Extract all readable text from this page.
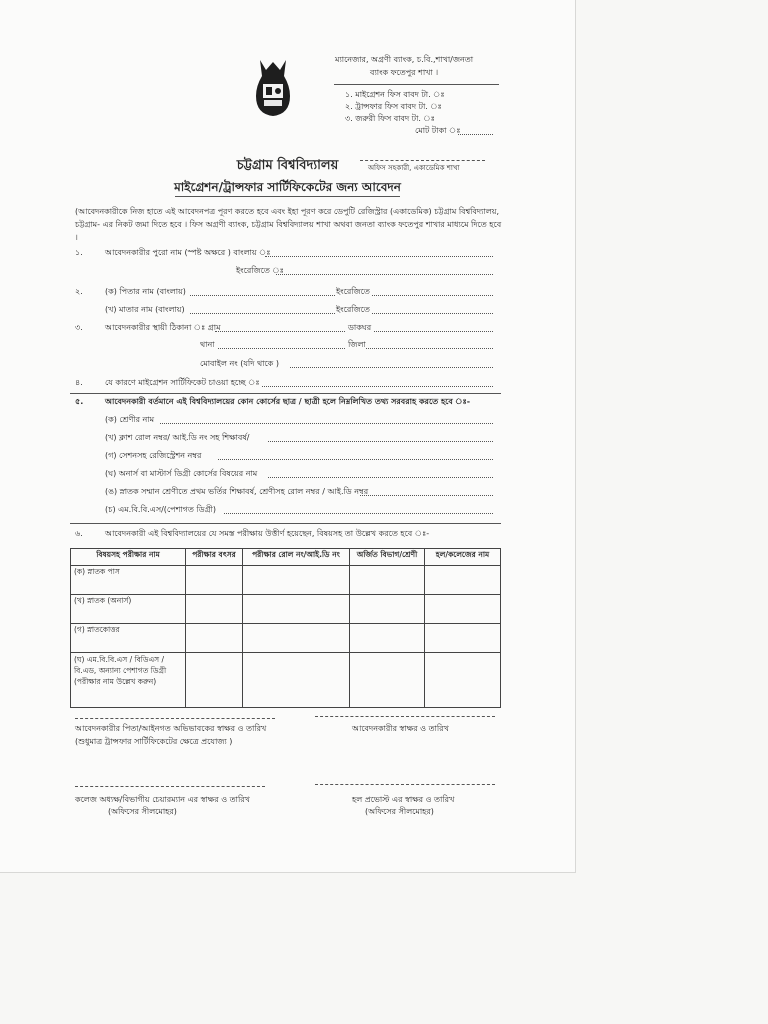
ম্যানেজার, অগ্রণী ব্যাংক, চ.বি.,শাখা/জনতা
ব্যাংক ফতেপুর শাখা ।
১. মাইগ্রেশন ফিস বাবদ টা. ঃ
২. ট্রান্সফার ফিস বাবদ টা. ঃ
৩. জরুরী ফিস বাবদ টা. ঃ
মোট টাকা ঃ
অফিস সহকারী, একাডেমিক শাখা
চট্টগ্রাম বিশ্ববিদ্যালয়
মাইগ্রেশন/ট্রান্সফার সার্টিফিকেটের জন্য আবেদন
(আবেদনকারীকে নিজ হাতে এই আবেদনপত্র পূরণ করতে হবে এবং ইহা পূরণ করে ডেপুটি রেজিস্ট্রার (একাডেমিক) চট্টগ্রাম বিশ্ববিদ্যালয়, চট্টগ্রাম- এর নিকট জমা দিতে হবে । ফিস অগ্রণী ব্যাংক, চট্টগ্রাম বিশ্ববিদ্যালয় শাখা অথবা জনতা ব্যাংক ফতেপুর শাখার মাধ্যমে দিতে হবে ।
১.	আবেদনকারীর পুরো নাম (স্পষ্ট অক্ষরে ) বাংলায় ঃ
ইংরেজিতে ঃ
২.	(ক) পিতার নাম (বাংলায়)	ইংরেজিতে
(খ) মাতার নাম (বাংলায়)	ইংরেজিতে
৩.	আবেদনকারীর স্থায়ী ঠিকানা ঃ গ্রাম	ডাকঘর
থানা	জিলা
মোবাইল নং (যদি থাকে )
৪.	যে কারণে মাইগ্রেশন সার্টিফিকেট চাওয়া হচ্ছে ঃ
৫.	আবেদনকারী বর্তমানে এই বিশ্ববিদ্যালয়ের কোন কোর্সের ছাত্র / ছাত্রী হলে নিম্নলিখিত তথ্য সরবরাহ করতে হবে ঃ-
(ক) শ্রেণীর নাম
(খ) ক্লাশ রোল নম্বর/ আই.ডি নং সহ শিক্ষাবর্ষ/
(গ) সেশনসহ রেজিস্ট্রেশন নম্বর
(ঘ) অনার্স বা মাস্টার্স ডিগ্রী কোর্সের বিষয়ের নাম
(ঙ) স্নাতক সম্মান শ্রেণীতে প্রথম ভর্তির শিক্ষাবর্ষ, শ্রেণীসহ রোল নম্বর / আই.ডি নম্বর
(চ) এম.বি.বি.এস/(পেশাগত ডিগ্রী)
৬.	আবেদনকারী এই বিশ্ববিদ্যালয়ের যে সমস্ত পরীক্ষায় উত্তীর্ণ হয়েছেন, বিষয়সহ তা উল্লেখ করতে হবে ঃ-
বিষয়সহ পরীক্ষার নাম	পরীক্ষার বৎসর	পরীক্ষার রোল নং/আই.ডি নং	অর্জিত বিভাগ/শ্রেণী	হল/কলেজের নাম
(ক) স্নাতক পাস				
(খ) স্নাতক (অনার্স)				
(গ) স্নাতকোত্তর				
(ঘ) এম.বি.বি.এস / বিডিএস / বি.এড, অন্যান্য পেশাগত ডিগ্রী (পরীক্ষার নাম উল্লেখ করুন)				
আবেদনকারীর পিতা/আইনগত অভিভাবকের স্বাক্ষর ও তারিখ
(শুধুমাত্র ট্রান্সফার সার্টিফিকেটের ক্ষেত্রে প্রযোজ্য )
আবেদনকারীর স্বাক্ষর ও তারিখ
কলেজ অধ্যক্ষ/বিভাগীয় চেয়ারম্যান এর স্বাক্ষর ও তারিখ
(অফিসের সীলমোহর)
হল প্রভোস্ট এর স্বাক্ষর ও তারিখ
(অফিসের সীলমোহর)
